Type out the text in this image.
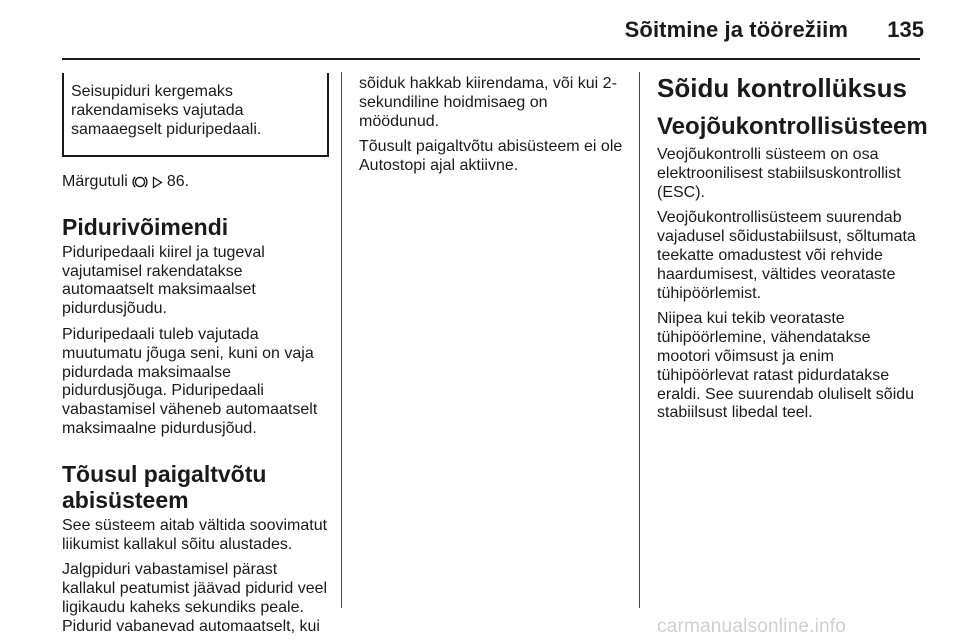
Sõitmine ja töörežiim 135

Seisupiduri kergemaks
rakendamiseks vajutada
samaaegselt piduripedaali.

Märgutuli 86.
Pidurivõimendi

Piduripedaali kiirel ja tugeval
vajutamisel rakendatakse
automaatselt maksimaalset
pidurdusjõudu.

Piduripedaali tuleb vajutada
muutumatu jõuga seni, kuni on vaja
pidurdada maksimaalse
pidurdusjõuga. Piduripedaali
vabastamisel väheneb automaatselt
maksimaalne pidurdusjõud.

Tõusul paigaltvõtu
abisüsteem

See süsteem aitab vältida soovimatut
liikumist kallakul sõitu alustades.

Jalgpiduri vabastamisel pärast
kallakul peatumist jäävad pidurid veel
ligikaudu kaheks sekundiks peale.
Pidurid vabanevad automaatselt, kui

sõiduk hakkab kiirendama, või kui 2-
sekundiline hoidmisaeg on
möödunud.

Tõusult paigaltvõtu abisüsteem ei ole
Autostopi ajal aktiivne.

Sõidu kontrollüksus
Veojõukontrollisüsteem

Veojõukontrolli süsteem on osa
elektroonilisest stabiilsuskontrollist
(ESC).

Veojõukontrollisüsteem suurendab
vajadusel sõidustabiilsust, sõltumata
teekatte omadustest või rehvide
haardumisest, vältides veorataste
tühipöörlemist.

Niipea kui tekib veorataste
tühipöörlemine, vähendatakse
mootori võimsust ja enim
tühipöörlevat ratast pidurdatakse
eraldi. See suurendab oluliselt sõidu
stabiilsust libedal teel.

carmanualsonline.info
